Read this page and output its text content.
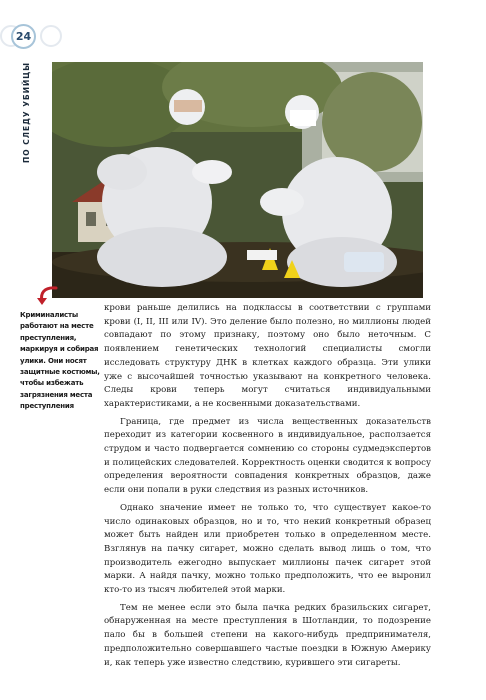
24
ПО СЛЕДУ УБИЙЦЫ
Криминалисты работают на месте преступления, маркируя и собирая улики. Они носят защитные костюмы, чтобы избежать загрязнения места преступления

крови раньше делились на подклассы в соответствии с группами крови (I, II, III или IV). Это деление было полезно, но миллионы людей совпадают по этому признаку, поэтому оно было неточным. С появлением генетических технологий специалисты смогли исследовать структуру ДНК в клетках каждого образца. Эти улики уже с высочайшей точностью указывают на конкретного человека. Следы крови теперь могут считаться индивидуальными характеристиками, а не косвенными доказательствами.

Граница, где предмет из числа вещественных доказательств переходит из категории косвенного в индивидуальное, расползается струдом и часто подвергается сомнению со стороны судмедэкспертов и полицейских следователей. Корректность оценки сводится к вопросу определения вероятности совпадения конкретных образцов, даже если они попали в руки следствия из разных источников.

Однако значение имеет не только то, что существует какое-то число одинаковых образцов, но и то, что некий конкретный образец может быть найден или приобретен только в определенном месте. Взглянув на пачку сигарет, можно сделать вывод лишь о том, что производитель ежегодно выпускает миллионы пачек сигарет этой марки. А найдя пачку, можно только предположить, что ее выронил кто-то из тысяч любителей этой марки.

Тем не менее если это была пачка редких бразильских сигарет, обнаруженная на месте преступления в Шотландии, то подозрение пало бы в большей степени на какого-нибудь предпринимателя, предположительно совершавшего частые поездки в Южную Америку и, как теперь уже известно следствию, курившего эти сигареты.
